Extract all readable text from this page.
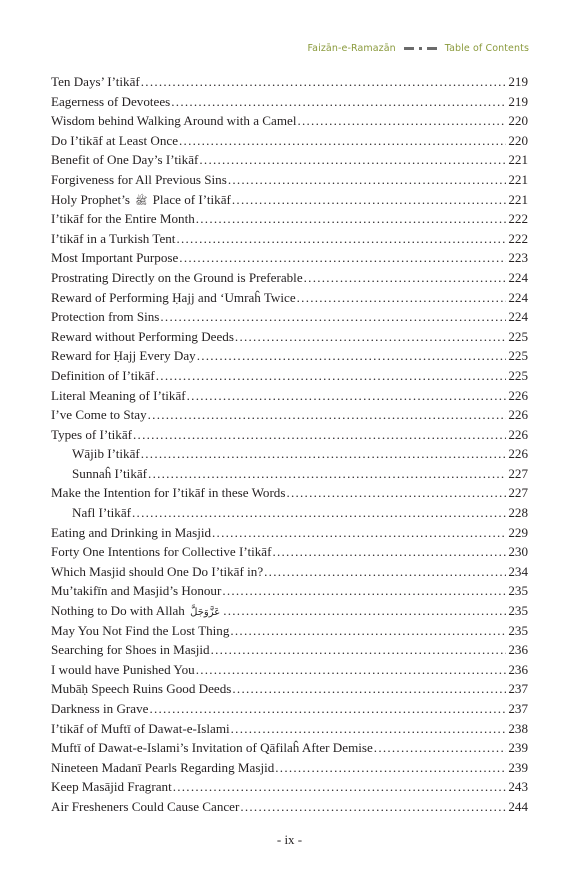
Faizān-e-Ramazān	Table of Contents
Ten Days’ I’tikāf .....	219
Eagerness of Devotees .....	219
Wisdom behind Walking Around with a Camel .....	220
Do I’tikāf at Least Once .....	220
Benefit of One Day’s I’tikāf .....	221
Forgiveness for All Previous Sins .....	221
Holy Prophet’s ﷺ Place of I’tikāf .....	221
I’tikāf for the Entire Month .....	222
I’tikāf in a Turkish Tent .....	222
Most Important Purpose .....	223
Prostrating Directly on the Ground is Preferable .....	224
Reward of Performing Ḥajj and ‘Umraĥ Twice .....	224
Protection from Sins .....	224
Reward without Performing Deeds .....	225
Reward for Ḥajj Every Day .....	225
Definition of I’tikāf .....	225
Literal Meaning of I’tikāf .....	226
I’ve Come to Stay .....	226
Types of I’tikāf .....	226
Wājib I’tikāf .....	226
Sunnaĥ I’tikāf .....	227
Make the Intention for I’tikāf in these Words .....	227
Nafl I’tikāf .....	228
Eating and Drinking in Masjid .....	229
Forty One Intentions for Collective I’tikāf .....	230
Which Masjid should One Do I’tikāf in? .....	234
Mu’takifīn and Masjid’s Honour .....	235
Nothing to Do with Allah عَزَّوَجَلَّ .....	235
May You Not Find the Lost Thing .....	235
Searching for Shoes in Masjid .....	236
I would have Punished You .....	236
Mubāḥ Speech Ruins Good Deeds .....	237
Darkness in Grave .....	237
I’tikāf of Muftī of Dawat-e-Islami .....	238
Muftī of Dawat-e-Islami’s Invitation of Qāfilaĥ After Demise .....	239
Nineteen Madanī Pearls Regarding Masjid .....	239
Keep Masājid Fragrant .....	243
Air Fresheners Could Cause Cancer .....	244
- ix -
